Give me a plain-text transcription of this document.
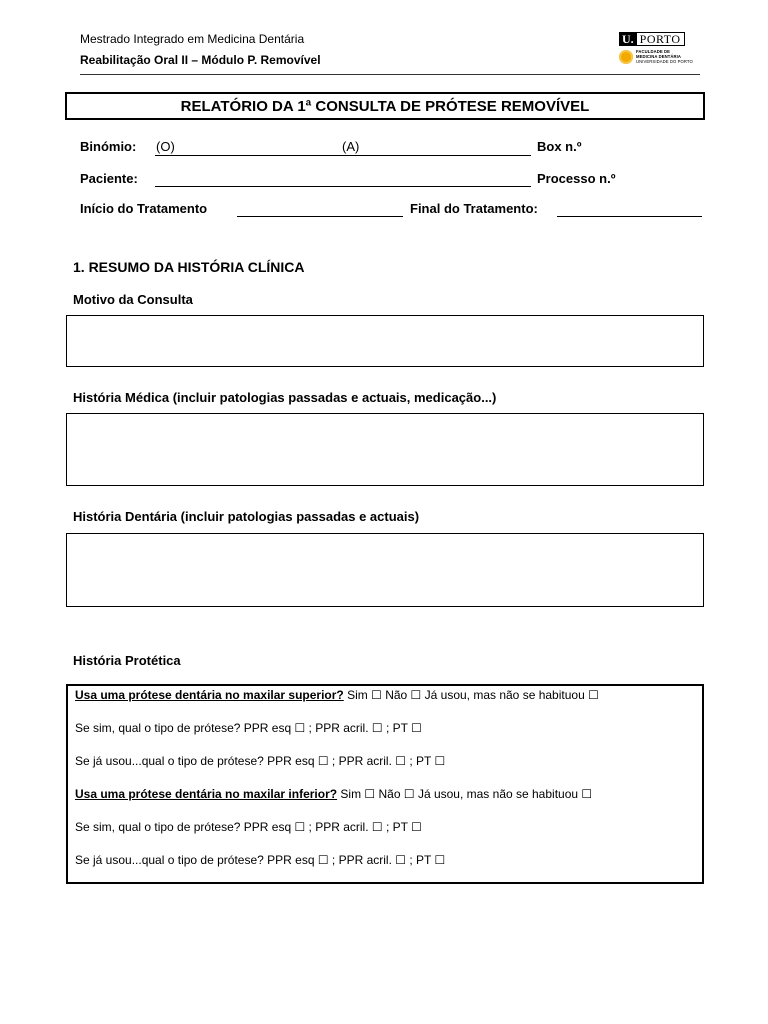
Mestrado Integrado em Medicina Dentária
Reabilitação Oral II – Módulo P. Removível
U. PORTO
FACULDADE DE
MEDICINA DENTÁRIA
UNIVERSIDADE DO PORTO
RELATÓRIO DA 1ª CONSULTA DE PRÓTESE REMOVÍVEL
Binómio: (O)	(A)	Box n.º
Paciente:	Processo n.º
Início do Tratamento	Final do Tratamento:
1. RESUMO DA HISTÓRIA CLÍNICA
Motivo da Consulta
História Médica (incluir patologias passadas e actuais, medicação...)
História Dentária (incluir patologias passadas e actuais)
História Protética
Usa uma prótese dentária no maxilar superior? Sim ☐ Não ☐ Já usou, mas não se habituou ☐
Se sim, qual o tipo de prótese? PPR esq ☐ ; PPR acril. ☐ ; PT ☐
Se já usou...qual o tipo de prótese? PPR esq ☐ ; PPR acril. ☐ ; PT ☐
Usa uma prótese dentária no maxilar inferior? Sim ☐ Não ☐ Já usou, mas não se habituou ☐
Se sim, qual o tipo de prótese? PPR esq ☐ ; PPR acril. ☐ ; PT ☐
Se já usou...qual o tipo de prótese? PPR esq ☐ ; PPR acril. ☐ ; PT ☐
